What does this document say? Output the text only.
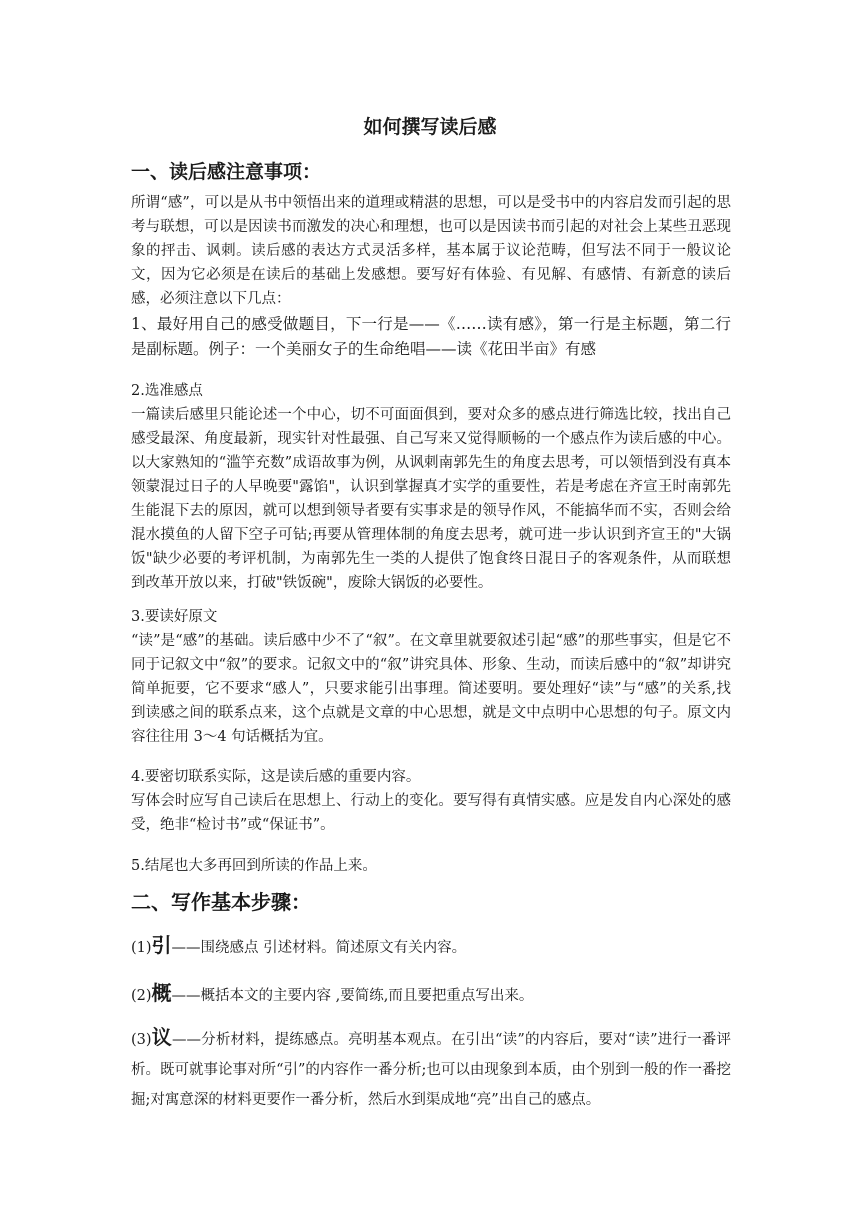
如何撰写读后感
一、读后感注意事项：
所谓“感”，可以是从书中领悟出来的道理或精湛的思想，可以是受书中的内容启发而引起的思考与联想，可以是因读书而激发的决心和理想，也可以是因读书而引起的对社会上某些丑恶现象的抨击、讽刺。读后感的表达方式灵活多样，基本属于议论范畴，但写法不同于一般议论文，因为它必须是在读后的基础上发感想。要写好有体验、有见解、有感情、有新意的读后感，必须注意以下几点：
1、最好用自己的感受做题目，下一行是——《……读有感》，第一行是主标题，第二行是副标题。例子：一个美丽女子的生命绝唱——读《花田半亩》有感
2.选准感点
一篇读后感里只能论述一个中心，切不可面面俱到，要对众多的感点进行筛选比较，找出自己感受最深、角度最新，现实针对性最强、自己写来又觉得顺畅的一个感点作为读后感的中心。以大家熟知的“滥竽充数”成语故事为例，从讽刺南郭先生的角度去思考，可以领悟到没有真本领蒙混过日子的人早晚要"露馅"，认识到掌握真才实学的重要性，若是考虑在齐宣王时南郭先生能混下去的原因，就可以想到领导者要有实事求是的领导作风，不能搞华而不实，否则会给混水摸鱼的人留下空子可钻;再要从管理体制的角度去思考，就可进一步认识到齐宣王的"大锅饭"缺少必要的考评机制，为南郭先生一类的人提供了饱食终日混日子的客观条件，从而联想到改革开放以来，打破"铁饭碗"，废除大锅饭的必要性。
3.要读好原文
“读”是“感”的基础。读后感中少不了“叙”。在文章里就要叙述引起“感”的那些事实，但是它不同于记叙文中“叙”的要求。记叙文中的“叙”讲究具体、形象、生动，而读后感中的“叙”却讲究简单扼要，它不要求“感人”，只要求能引出事理。简述要明。要处理好“读”与“感”的关系,找到读感之间的联系点来，这个点就是文章的中心思想，就是文中点明中心思想的句子。原文内容往往用 3～4 句话概括为宜。
4.要密切联系实际，这是读后感的重要内容。
写体会时应写自己读后在思想上、行动上的变化。要写得有真情实感。应是发自内心深处的感受，绝非“检讨书”或“保证书”。
5.结尾也大多再回到所读的作品上来。
二、写作基本步骤：
(1)引——围绕感点 引述材料。简述原文有关内容。
(2)概——概括本文的主要内容 ,要简练,而且要把重点写出来。
(3)议——分析材料，提练感点。亮明基本观点。在引出“读”的内容后，要对“读”进行一番评析。既可就事论事对所“引”的内容作一番分析;也可以由现象到本质，由个别到一般的作一番挖掘;对寓意深的材料更要作一番分析，然后水到渠成地“亮”出自己的感点。
